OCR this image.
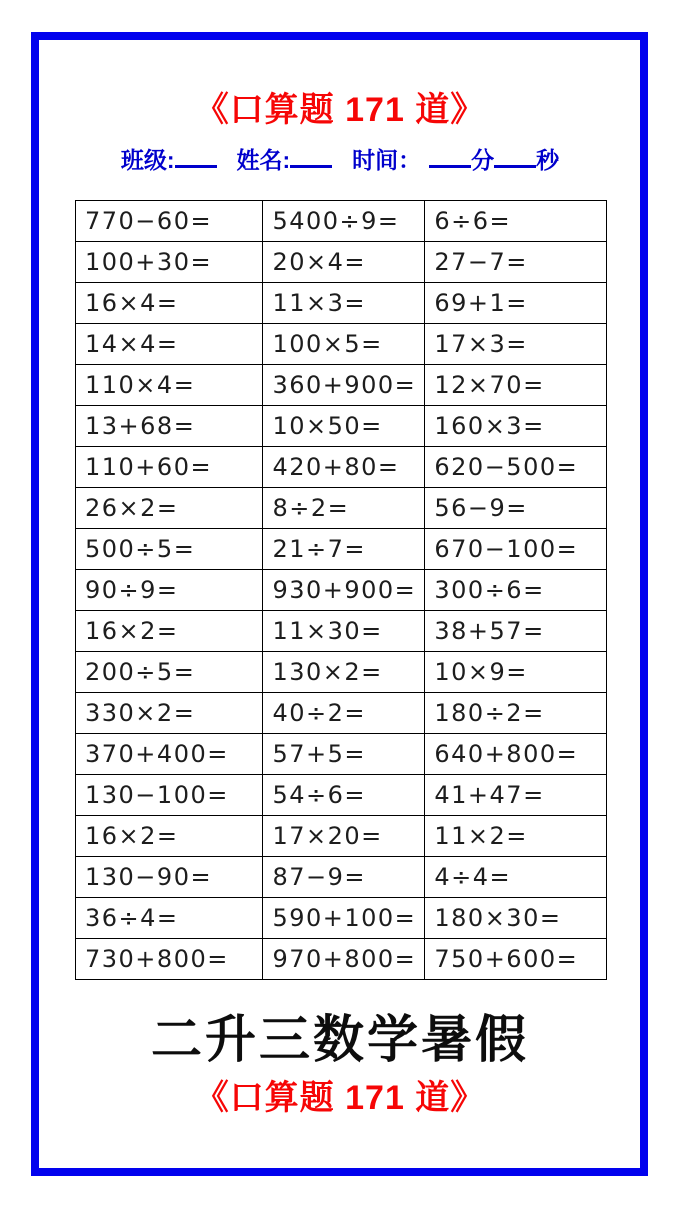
《口算题 171 道》
班级:	姓名:	时间： 分 秒
770−60=	5400÷9=	6÷6=
100+30=	20×4=	27−7=
16×4=	11×3=	69+1=
14×4=	100×5=	17×3=
110×4=	360+900=	12×70=
13+68=	10×50=	160×3=
110+60=	420+80=	620−500=
26×2=	8÷2=	56−9=
500÷5=	21÷7=	670−100=
90÷9=	930+900=	300÷6=
16×2=	11×30=	38+57=
200÷5=	130×2=	10×9=
330×2=	40÷2=	180÷2=
370+400=	57+5=	640+800=
130−100=	54÷6=	41+47=
16×2=	17×20=	11×2=
130−90=	87−9=	4÷4=
36÷4=	590+100=	180×30=
730+800=	970+800=	750+600=
二升三数学暑假
《口算题 171 道》
